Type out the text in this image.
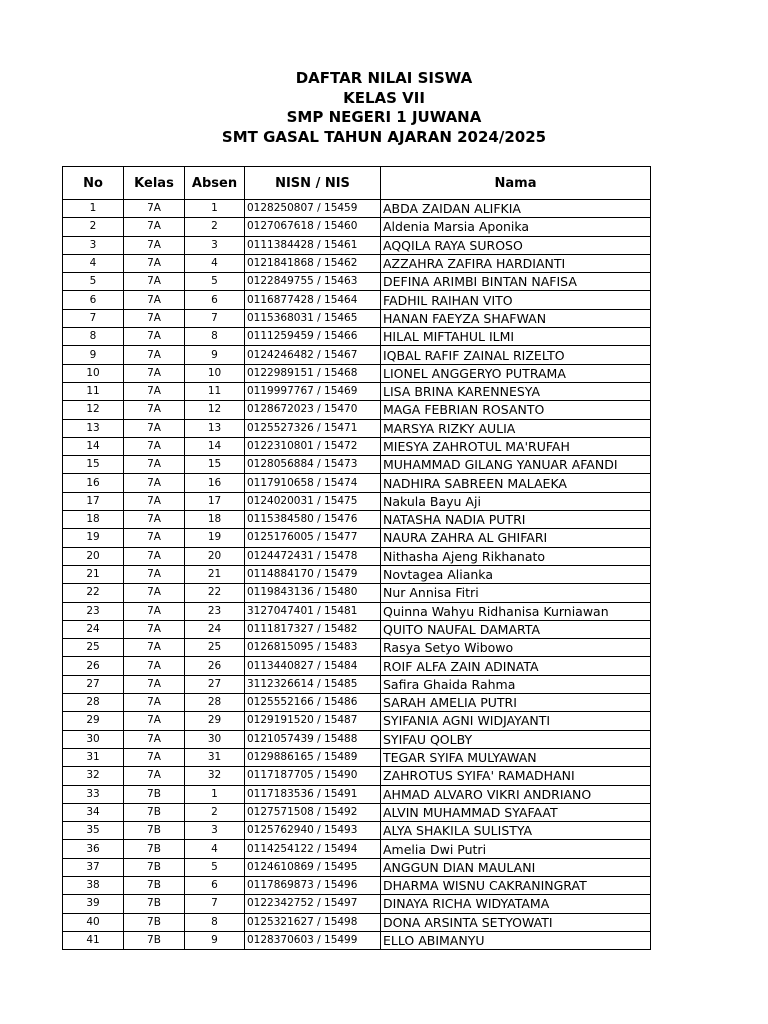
DAFTAR NILAI SISWA
KELAS VII
SMP NEGERI 1 JUWANA
SMT GASAL TAHUN AJARAN 2024/2025
No	Kelas	Absen	NISN / NIS	Nama
1	7A	1	0128250807 / 15459	ABDA ZAIDAN ALIFKIA
2	7A	2	0127067618 / 15460	Aldenia Marsia Aponika
3	7A	3	0111384428 / 15461	AQQILA RAYA SUROSO
4	7A	4	0121841868 / 15462	AZZAHRA ZAFIRA HARDIANTI
5	7A	5	0122849755 / 15463	DEFINA ARIMBI BINTAN NAFISA
6	7A	6	0116877428 / 15464	FADHIL RAIHAN VITO
7	7A	7	0115368031 / 15465	HANAN FAEYZA SHAFWAN
8	7A	8	0111259459 / 15466	HILAL MIFTAHUL ILMI
9	7A	9	0124246482 / 15467	IQBAL RAFIF ZAINAL RIZELTO
10	7A	10	0122989151 / 15468	LIONEL ANGGERYO PUTRAMA
11	7A	11	0119997767 / 15469	LISA BRINA KARENNESYA
12	7A	12	0128672023 / 15470	MAGA FEBRIAN ROSANTO
13	7A	13	0125527326 / 15471	MARSYA RIZKY AULIA
14	7A	14	0122310801 / 15472	MIESYA ZAHROTUL MA'RUFAH
15	7A	15	0128056884 / 15473	MUHAMMAD GILANG YANUAR AFANDI
16	7A	16	0117910658 / 15474	NADHIRA SABREEN MALAEKA
17	7A	17	0124020031 / 15475	Nakula Bayu Aji
18	7A	18	0115384580 / 15476	NATASHA NADIA PUTRI
19	7A	19	0125176005 / 15477	NAURA ZAHRA AL GHIFARI
20	7A	20	0124472431 / 15478	Nithasha Ajeng Rikhanato
21	7A	21	0114884170 / 15479	Novtagea Alianka
22	7A	22	0119843136 / 15480	Nur Annisa Fitri
23	7A	23	3127047401 / 15481	Quinna Wahyu Ridhanisa Kurniawan
24	7A	24	0111817327 / 15482	QUITO NAUFAL DAMARTA
25	7A	25	0126815095 / 15483	Rasya Setyo Wibowo
26	7A	26	0113440827 / 15484	ROIF ALFA ZAIN ADINATA
27	7A	27	3112326614 / 15485	Safira Ghaida Rahma
28	7A	28	0125552166 / 15486	SARAH AMELIA PUTRI
29	7A	29	0129191520 / 15487	SYIFANIA AGNI WIDJAYANTI
30	7A	30	0121057439 / 15488	SYIFAU QOLBY
31	7A	31	0129886165 / 15489	TEGAR SYIFA MULYAWAN
32	7A	32	0117187705 / 15490	ZAHROTUS SYIFA' RAMADHANI
33	7B	1	0117183536 / 15491	AHMAD ALVARO VIKRI ANDRIANO
34	7B	2	0127571508 / 15492	ALVIN MUHAMMAD SYAFAAT
35	7B	3	0125762940 / 15493	ALYA SHAKILA SULISTYA
36	7B	4	0114254122 / 15494	Amelia Dwi Putri
37	7B	5	0124610869 / 15495	ANGGUN DIAN MAULANI
38	7B	6	0117869873 / 15496	DHARMA WISNU CAKRANINGRAT
39	7B	7	0122342752 / 15497	DINAYA RICHA WIDYATAMA
40	7B	8	0125321627 / 15498	DONA ARSINTA SETYOWATI
41	7B	9	0128370603 / 15499	ELLO ABIMANYU
